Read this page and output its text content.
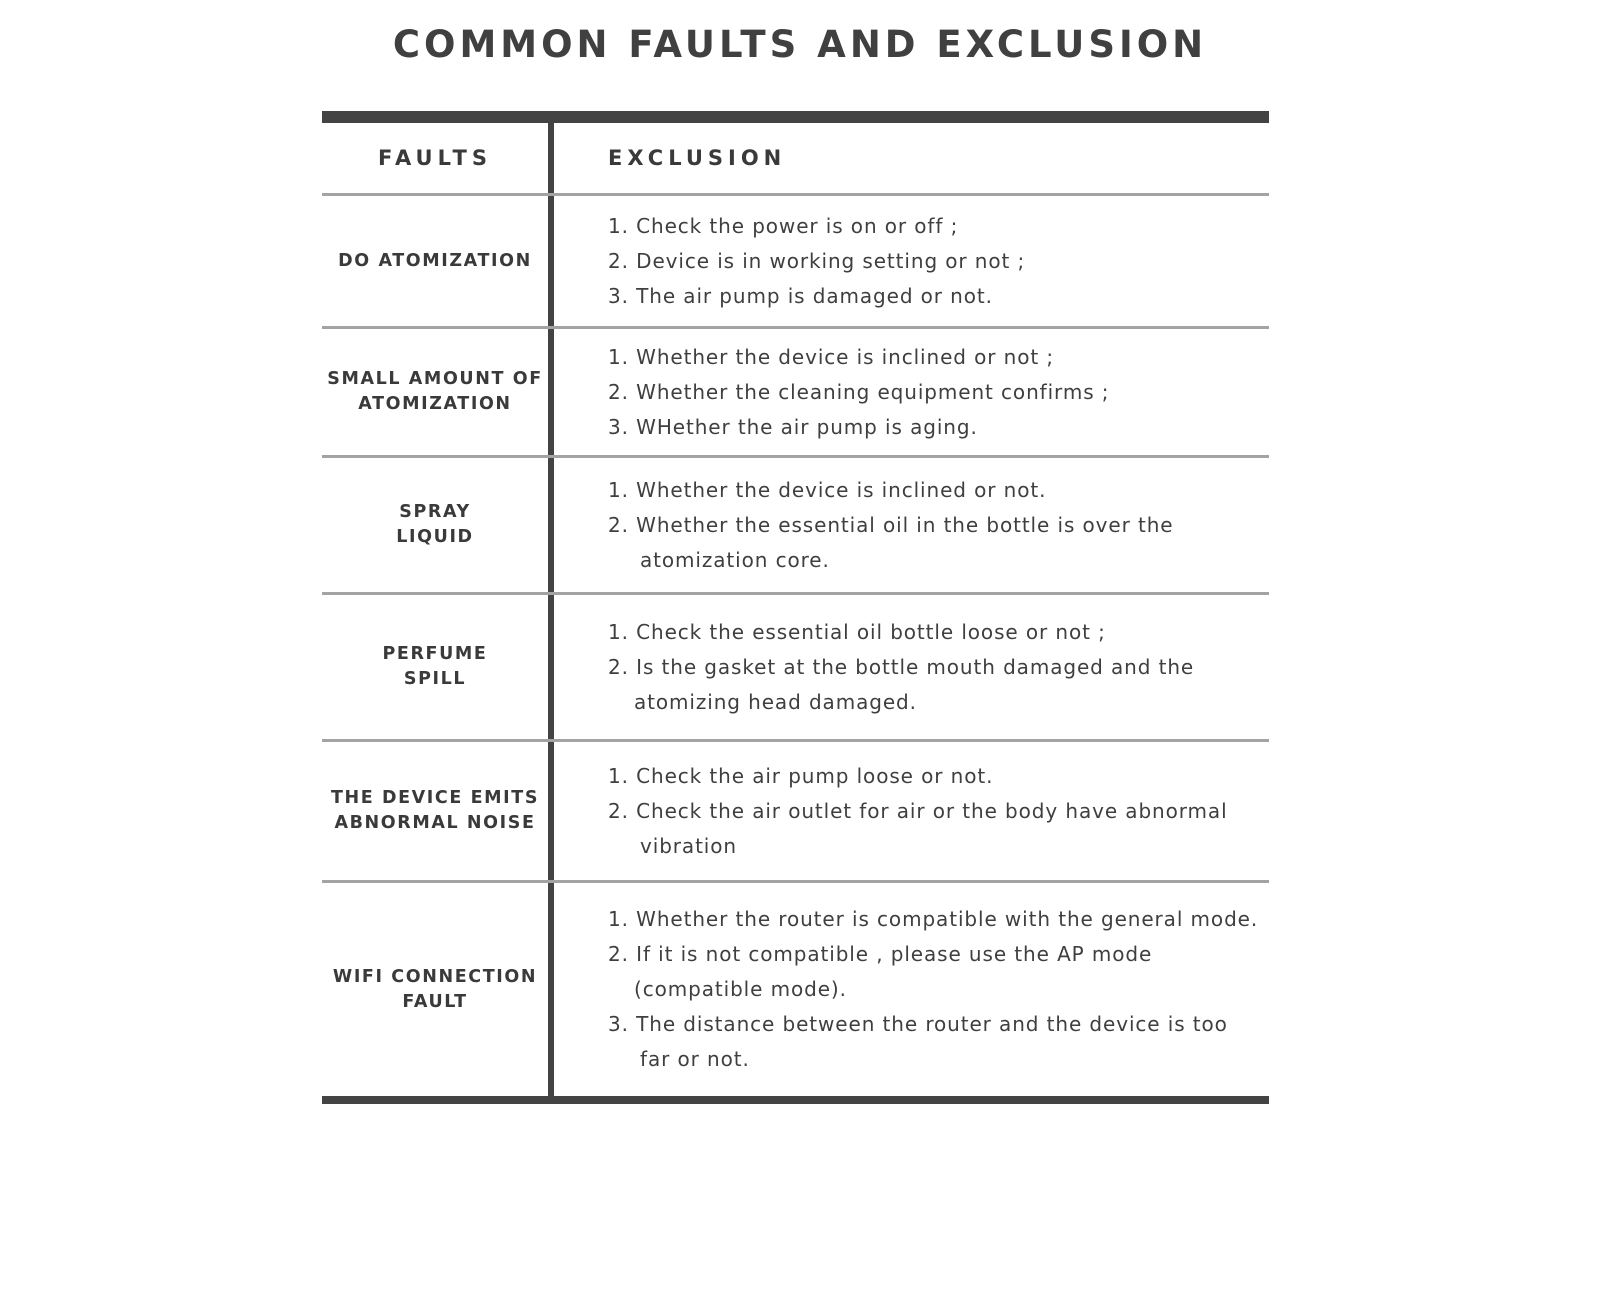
COMMON FAULTS AND EXCLUSION
FAULTS	EXCLUSION
DO ATOMIZATION
1. Check the power is on or off ;
2. Device is in working setting or not ;
3. The air pump is damaged or not.
SMALL AMOUNT OF
ATOMIZATION
1. Whether the device is inclined or not ;
2. Whether the cleaning equipment confirms ;
3. WHether the air pump is aging.
SPRAY
LIQUID
1. Whether the device is inclined or not.
2. Whether the essential oil in the bottle is over the
atomization core.
PERFUME
SPILL
1. Check the essential oil bottle loose or not ;
2. Is the gasket at the bottle mouth damaged and the
atomizing head damaged.
THE DEVICE EMITS
ABNORMAL NOISE
1. Check the air pump loose or not.
2. Check the air outlet for air or the body have abnormal
vibration
WIFI CONNECTION
FAULT
1. Whether the router is compatible with the general mode.
2. If it is not compatible , please use the AP mode
(compatible mode).
3. The distance between the router and the device is too
far or not.
